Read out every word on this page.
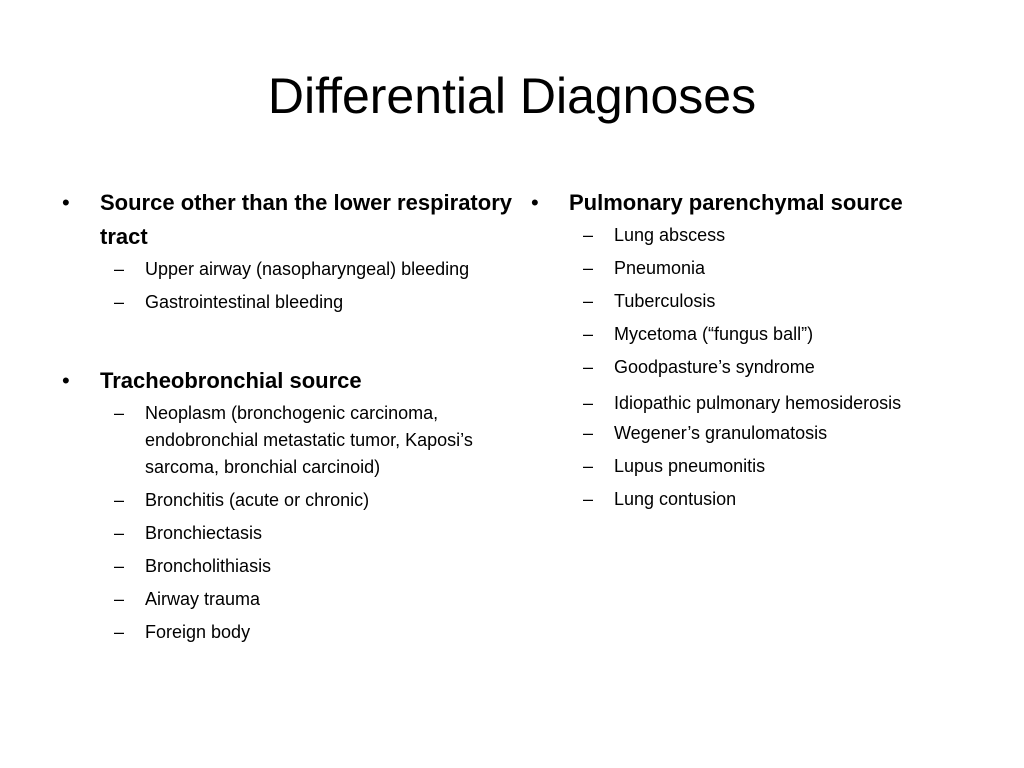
Differential Diagnoses
•	Source other than the lower respiratory tract
– Upper airway (nasopharyngeal) bleeding
– Gastrointestinal bleeding
•	Tracheobronchial source
– Neoplasm (bronchogenic carcinoma, endobronchial metastatic tumor, Kaposi’s sarcoma, bronchial carcinoid)
– Bronchitis (acute or chronic)
– Bronchiectasis
– Broncholithiasis
– Airway trauma
– Foreign body
•	Pulmonary parenchymal source
– Lung abscess
– Pneumonia
– Tuberculosis
– Mycetoma (“fungus ball”)
– Goodpasture’s syndrome
– Idiopathic pulmonary hemosiderosis
– Wegener’s granulomatosis
– Lupus pneumonitis
– Lung contusion
